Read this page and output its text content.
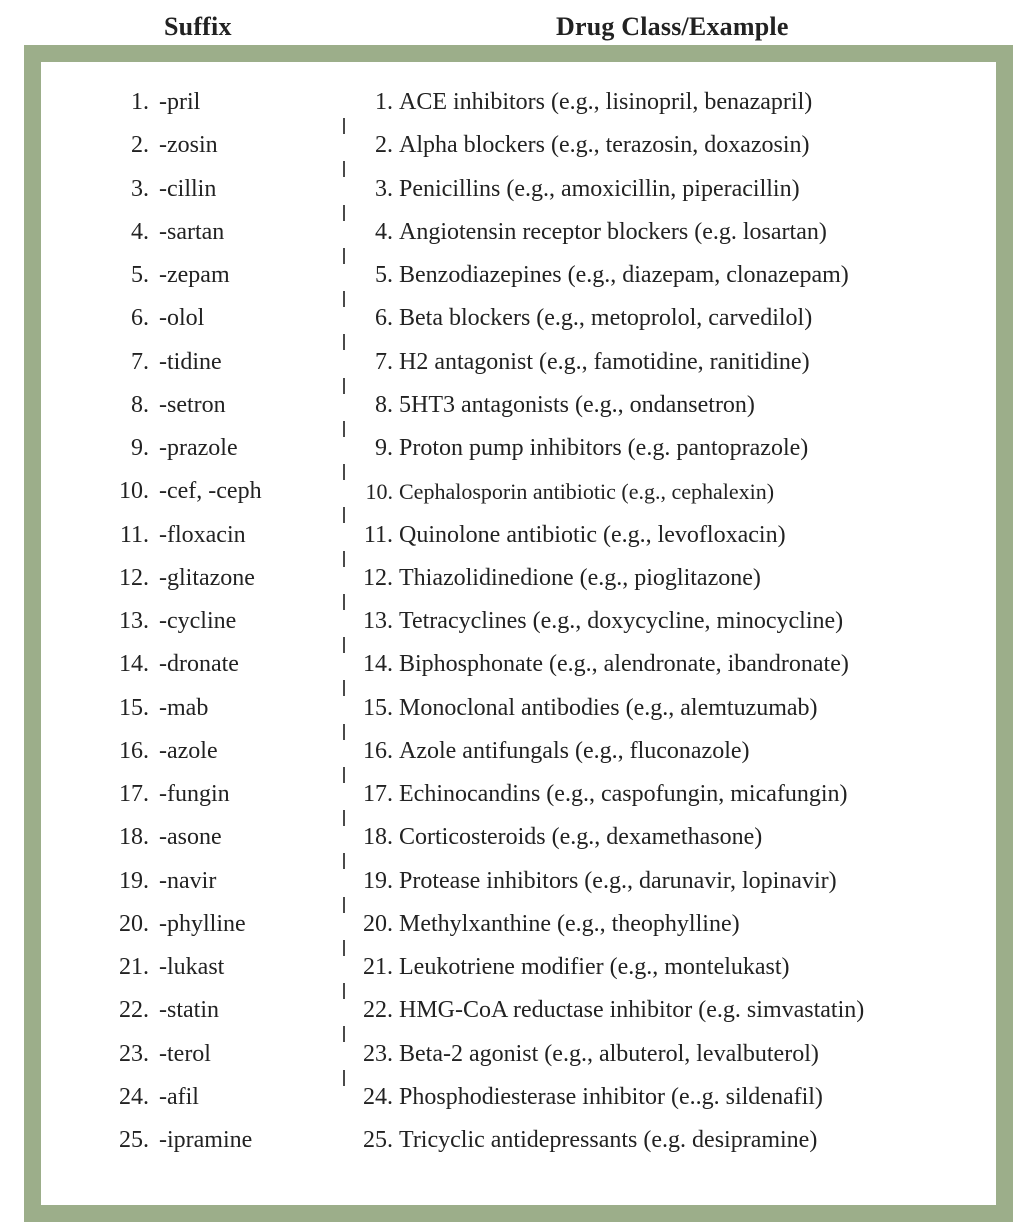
Suffix	Drug Class/Example
1. -pril	1. ACE inhibitors (e.g., lisinopril, benazapril)
2. -zosin	2. Alpha blockers (e.g., terazosin, doxazosin)
3. -cillin	3. Penicillins (e.g., amoxicillin, piperacillin)
4. -sartan	4. Angiotensin receptor blockers (e.g. losartan)
5. -zepam	5. Benzodiazepines (e.g., diazepam, clonazepam)
6. -olol	6. Beta blockers (e.g., metoprolol, carvedilol)
7. -tidine	7. H2 antagonist (e.g., famotidine, ranitidine)
8. -setron	8. 5HT3 antagonists (e.g., ondansetron)
9. -prazole	9. Proton pump inhibitors (e.g. pantoprazole)
10. -cef, -ceph	10. Cephalosporin antibiotic (e.g., cephalexin)
11. -floxacin	11. Quinolone antibiotic (e.g., levofloxacin)
12. -glitazone	12. Thiazolidinedione (e.g., pioglitazone)
13. -cycline	13. Tetracyclines (e.g., doxycycline, minocycline)
14. -dronate	14. Biphosphonate (e.g., alendronate, ibandronate)
15. -mab	15. Monoclonal antibodies (e.g., alemtuzumab)
16. -azole	16. Azole antifungals (e.g., fluconazole)
17. -fungin	17. Echinocandins (e.g., caspofungin, micafungin)
18. -asone	18. Corticosteroids (e.g., dexamethasone)
19. -navir	19. Protease inhibitors (e.g., darunavir, lopinavir)
20. -phylline	20. Methylxanthine (e.g., theophylline)
21. -lukast	21. Leukotriene modifier (e.g., montelukast)
22. -statin	22. HMG-CoA reductase inhibitor (e.g. simvastatin)
23. -terol	23. Beta-2 agonist (e.g., albuterol, levalbuterol)
24. -afil	24. Phosphodiesterase inhibitor (e..g. sildenafil)
25. -ipramine	25. Tricyclic antidepressants (e.g. desipramine)
